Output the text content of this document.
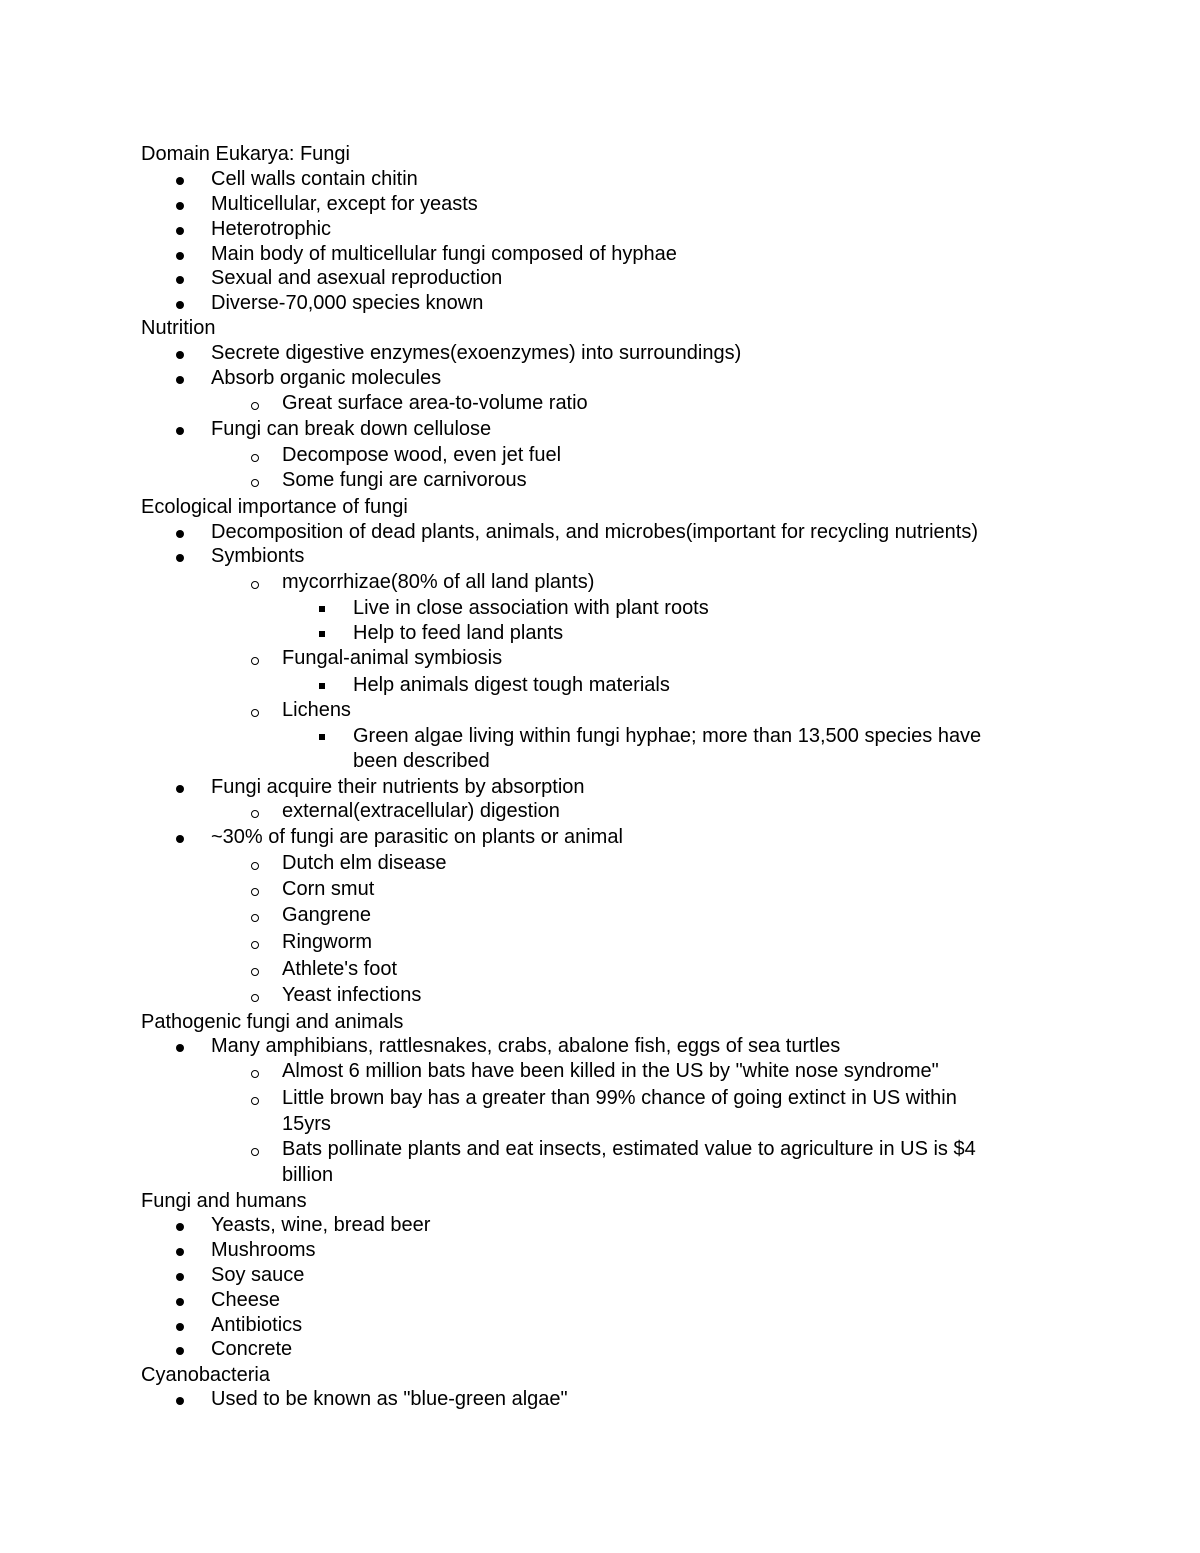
Domain Eukarya: Fungi
Cell walls contain chitin
Multicellular, except for yeasts
Heterotrophic
Main body of multicellular fungi composed of hyphae
Sexual and asexual reproduction
Diverse-70,000 species known
Nutrition
Secrete digestive enzymes(exoenzymes) into surroundings)
Absorb organic molecules
Great surface area-to-volume ratio
Fungi can break down cellulose
Decompose wood, even jet fuel
Some fungi are carnivorous
Ecological importance of fungi
Decomposition of dead plants, animals, and microbes(important for recycling nutrients)
Symbionts
mycorrhizae(80% of all land plants)
Live in close association with plant roots
Help to feed land plants
Fungal-animal symbiosis
Help animals digest tough materials
Lichens
Green algae living within fungi hyphae; more than 13,500 species have
been described
Fungi acquire their nutrients by absorption
external(extracellular) digestion
~30% of fungi are parasitic on plants or animal
Dutch elm disease
Corn smut
Gangrene
Ringworm
Athlete's foot
Yeast infections
Pathogenic fungi and animals
Many amphibians, rattlesnakes, crabs, abalone fish, eggs of sea turtles
Almost 6 million bats have been killed in the US by "white nose syndrome"
Little brown bay has a greater than 99% chance of going extinct in US within
15yrs
Bats pollinate plants and eat insects, estimated value to agriculture in US is $4
billion
Fungi and humans
Yeasts, wine, bread beer
Mushrooms
Soy sauce
Cheese
Antibiotics
Concrete
Cyanobacteria
Used to be known as "blue-green algae"
